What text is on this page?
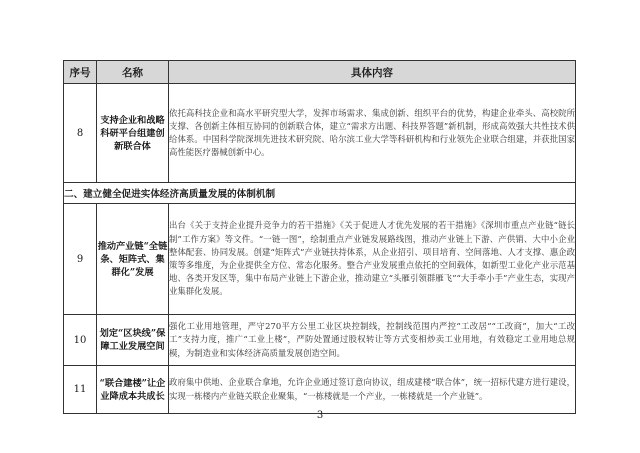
序号	名称	具体内容
8	支持企业和战略科研平台组建创新联合体	依托高科技企业和高水平研究型大学，发挥市场需求、集成创新、组织平台的优势，构建企业牵头、高校院所支撑、各创新主体相互协同的创新联合体，建立“需求方出题、科技界答题”新机制，形成高效强大共性技术供给体系。中国科学院深圳先进技术研究院、哈尔滨工业大学等科研机构和行业领先企业联合组建，并获批国家高性能医疗器械创新中心。
二、建立健全促进实体经济高质量发展的体制机制		
9	推动产业链“全链条、矩阵式、集群化”发展	出台《关于支持企业提升竞争力的若干措施》《关于促进人才优先发展的若干措施》《深圳市重点产业链“链长制”工作方案》等文件。“一链一图”，绘制重点产业链发展路线图，推动产业链上下游、产供销、大中小企业整体配套、协同发展。创建“矩阵式”产业链扶持体系，从企业招引、项目培育、空间落地、人才支撑、惠企政策等多维度，为企业提供全方位、常态化服务。整合产业发展重点依托的空间载体，如新型工业化产业示范基地、各类开发区等，集中布局产业链上下游企业，推动建立“头雁引领群雁飞”“大手牵小手”产业生态，实现产业集群化发展。
10	划定“区块线”保障工业发展空间	强化工业用地管理，严守270平方公里工业区块控制线，控制线范围内严控“工改居”“工改商”，加大“工改工”支持力度，推广“工业上楼”，严防处置通过股权转让等方式变相炒卖工业用地，有效稳定工业用地总规模，为制造业和实体经济高质量发展创造空间。
11	“联合建楼”让企业降成本共成长	政府集中供地、企业联合拿地，允许企业通过签订意向协议，组成建楼“联合体”，统一招标代建方进行建设，实现一栋楼内产业链关联企业聚集，“一栋楼就是一个产业，一栋楼就是一个产业链”。
3
